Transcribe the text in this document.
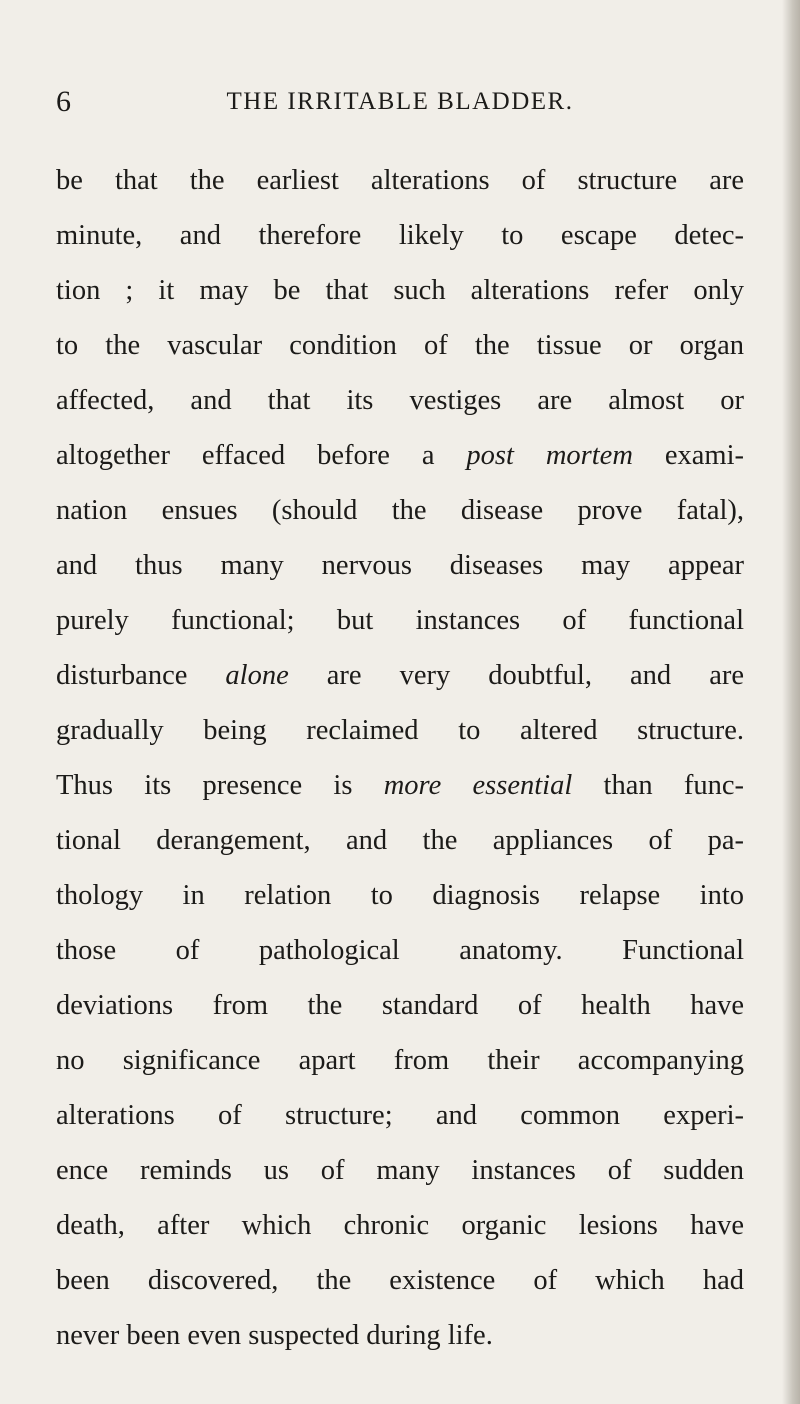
6	THE IRRITABLE BLADDER.
be that the earliest alterations of structure are
minute, and therefore likely to escape detec-
tion ; it may be that such alterations refer only
to the vascular condition of the tissue or organ
affected, and that its vestiges are almost or
altogether effaced before a post mortem exami-
nation ensues (should the disease prove fatal),
and thus many nervous diseases may appear
purely functional; but instances of functional
disturbance alone are very doubtful, and are
gradually being reclaimed to altered structure.
Thus its presence is more essential than func-
tional derangement, and the appliances of pa-
thology in relation to diagnosis relapse into
those of pathological anatomy. Functional
deviations from the standard of health have
no significance apart from their accompanying
alterations of structure; and common experi-
ence reminds us of many instances of sudden
death, after which chronic organic lesions have
been discovered, the existence of which had
never been even suspected during life.
